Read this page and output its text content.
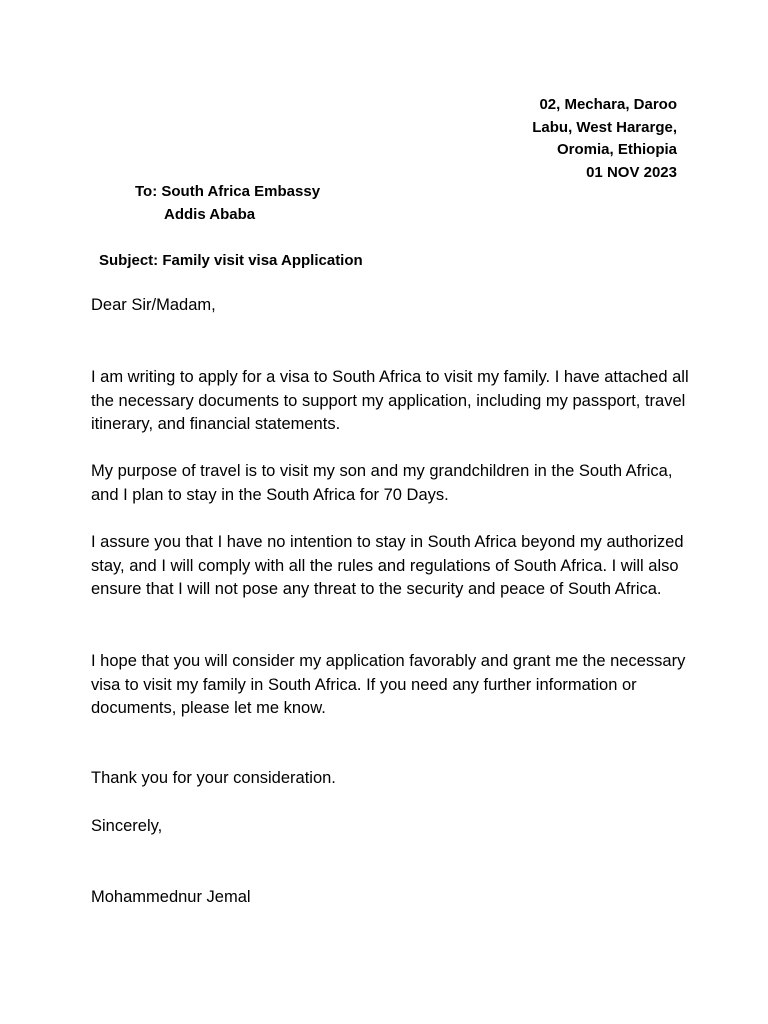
02, Mechara, Daroo
Labu, West Hararge,
Oromia, Ethiopia
01 NOV 2023
To: South Africa Embassy
Addis Ababa
Subject: Family visit visa Application
Dear Sir/Madam,

I am writing to apply for a visa to South Africa to visit my family. I have attached all the necessary documents to support my application, including my passport, travel itinerary, and financial statements.

My purpose of travel is to visit my son and my grandchildren in the South Africa, and I plan to stay in the South Africa for 70 Days.

I assure you that I have no intention to stay in South Africa beyond my authorized stay, and I will comply with all the rules and regulations of South Africa. I will also ensure that I will not pose any threat to the security and peace of South Africa.

I hope that you will consider my application favorably and grant me the necessary visa to visit my family in South Africa. If you need any further information or documents, please let me know.

Thank you for your consideration.
Sincerely,
Mohammednur Jemal
